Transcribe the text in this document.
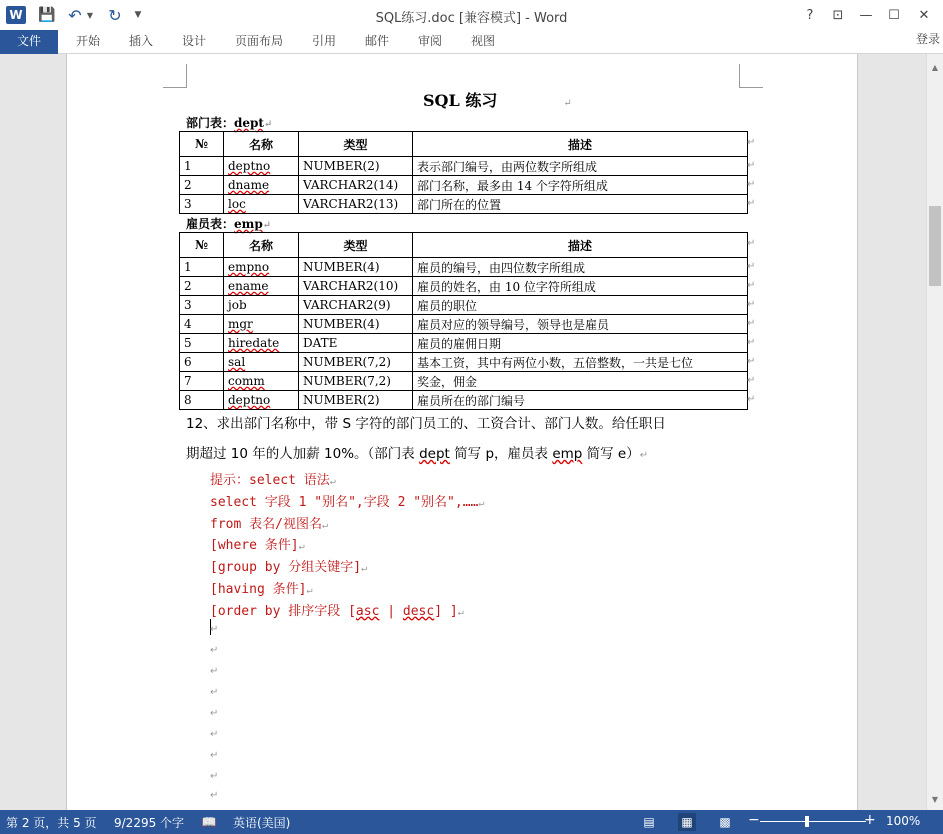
W 💾 ↶ ▼ ↻ ▼	SQL练习.doc [兼容模式] - Word	?	⊡	—	☐	✕
文件	开始	插入	设计	页面布局	引用	邮件	审阅	视图	登录
SQL 练习	↵
部门表：dept↵
№	名称	类型	描述
1	deptno	NUMBER(2)	表示部门编号，由两位数字所组成
2	dname	VARCHAR2(14)	部门名称，最多由 14 个字符所组成
3	loc	VARCHAR2(13)	部门所在的位置
↵
↵
↵
↵
雇员表：emp↵
№	名称	类型	描述
1	empno	NUMBER(4)	雇员的编号，由四位数字所组成
2	ename	VARCHAR2(10)	雇员的姓名，由 10 位字符所组成
3	job	VARCHAR2(9)	雇员的职位
4	mgr	NUMBER(4)	雇员对应的领导编号，领导也是雇员
5	hiredate	DATE	雇员的雇佣日期
6	sal	NUMBER(7,2)	基本工资，其中有两位小数，五倍整数，一共是七位
7	comm	NUMBER(7,2)	奖金，佣金
8	deptno	NUMBER(2)	雇员所在的部门编号
↵
↵
↵
↵
↵
↵
↵
↵
↵
12、求出部门名称中，带 S 字符的部门员工的、工资合计、部门人数。给任职日
期超过 10 年的人加薪 10%。（部门表 dept 简写 p，雇员表 emp 简写 e）↵
提示：select 语法↵
select 字段 1 "别名",字段 2 "别名",……↵
from 表名/视图名↵
[where 条件]↵
[group by 分组关键字]↵
[having 条件]↵
[order by 排序字段 [asc | desc] ]↵
↵
↵
↵
↵
↵
↵
↵
↵
↵
▲
▼
第 2 页，共 5 页 9/2295 个字 📖 英语(美国)	▤ ▦ ▩ −	+ 100%
